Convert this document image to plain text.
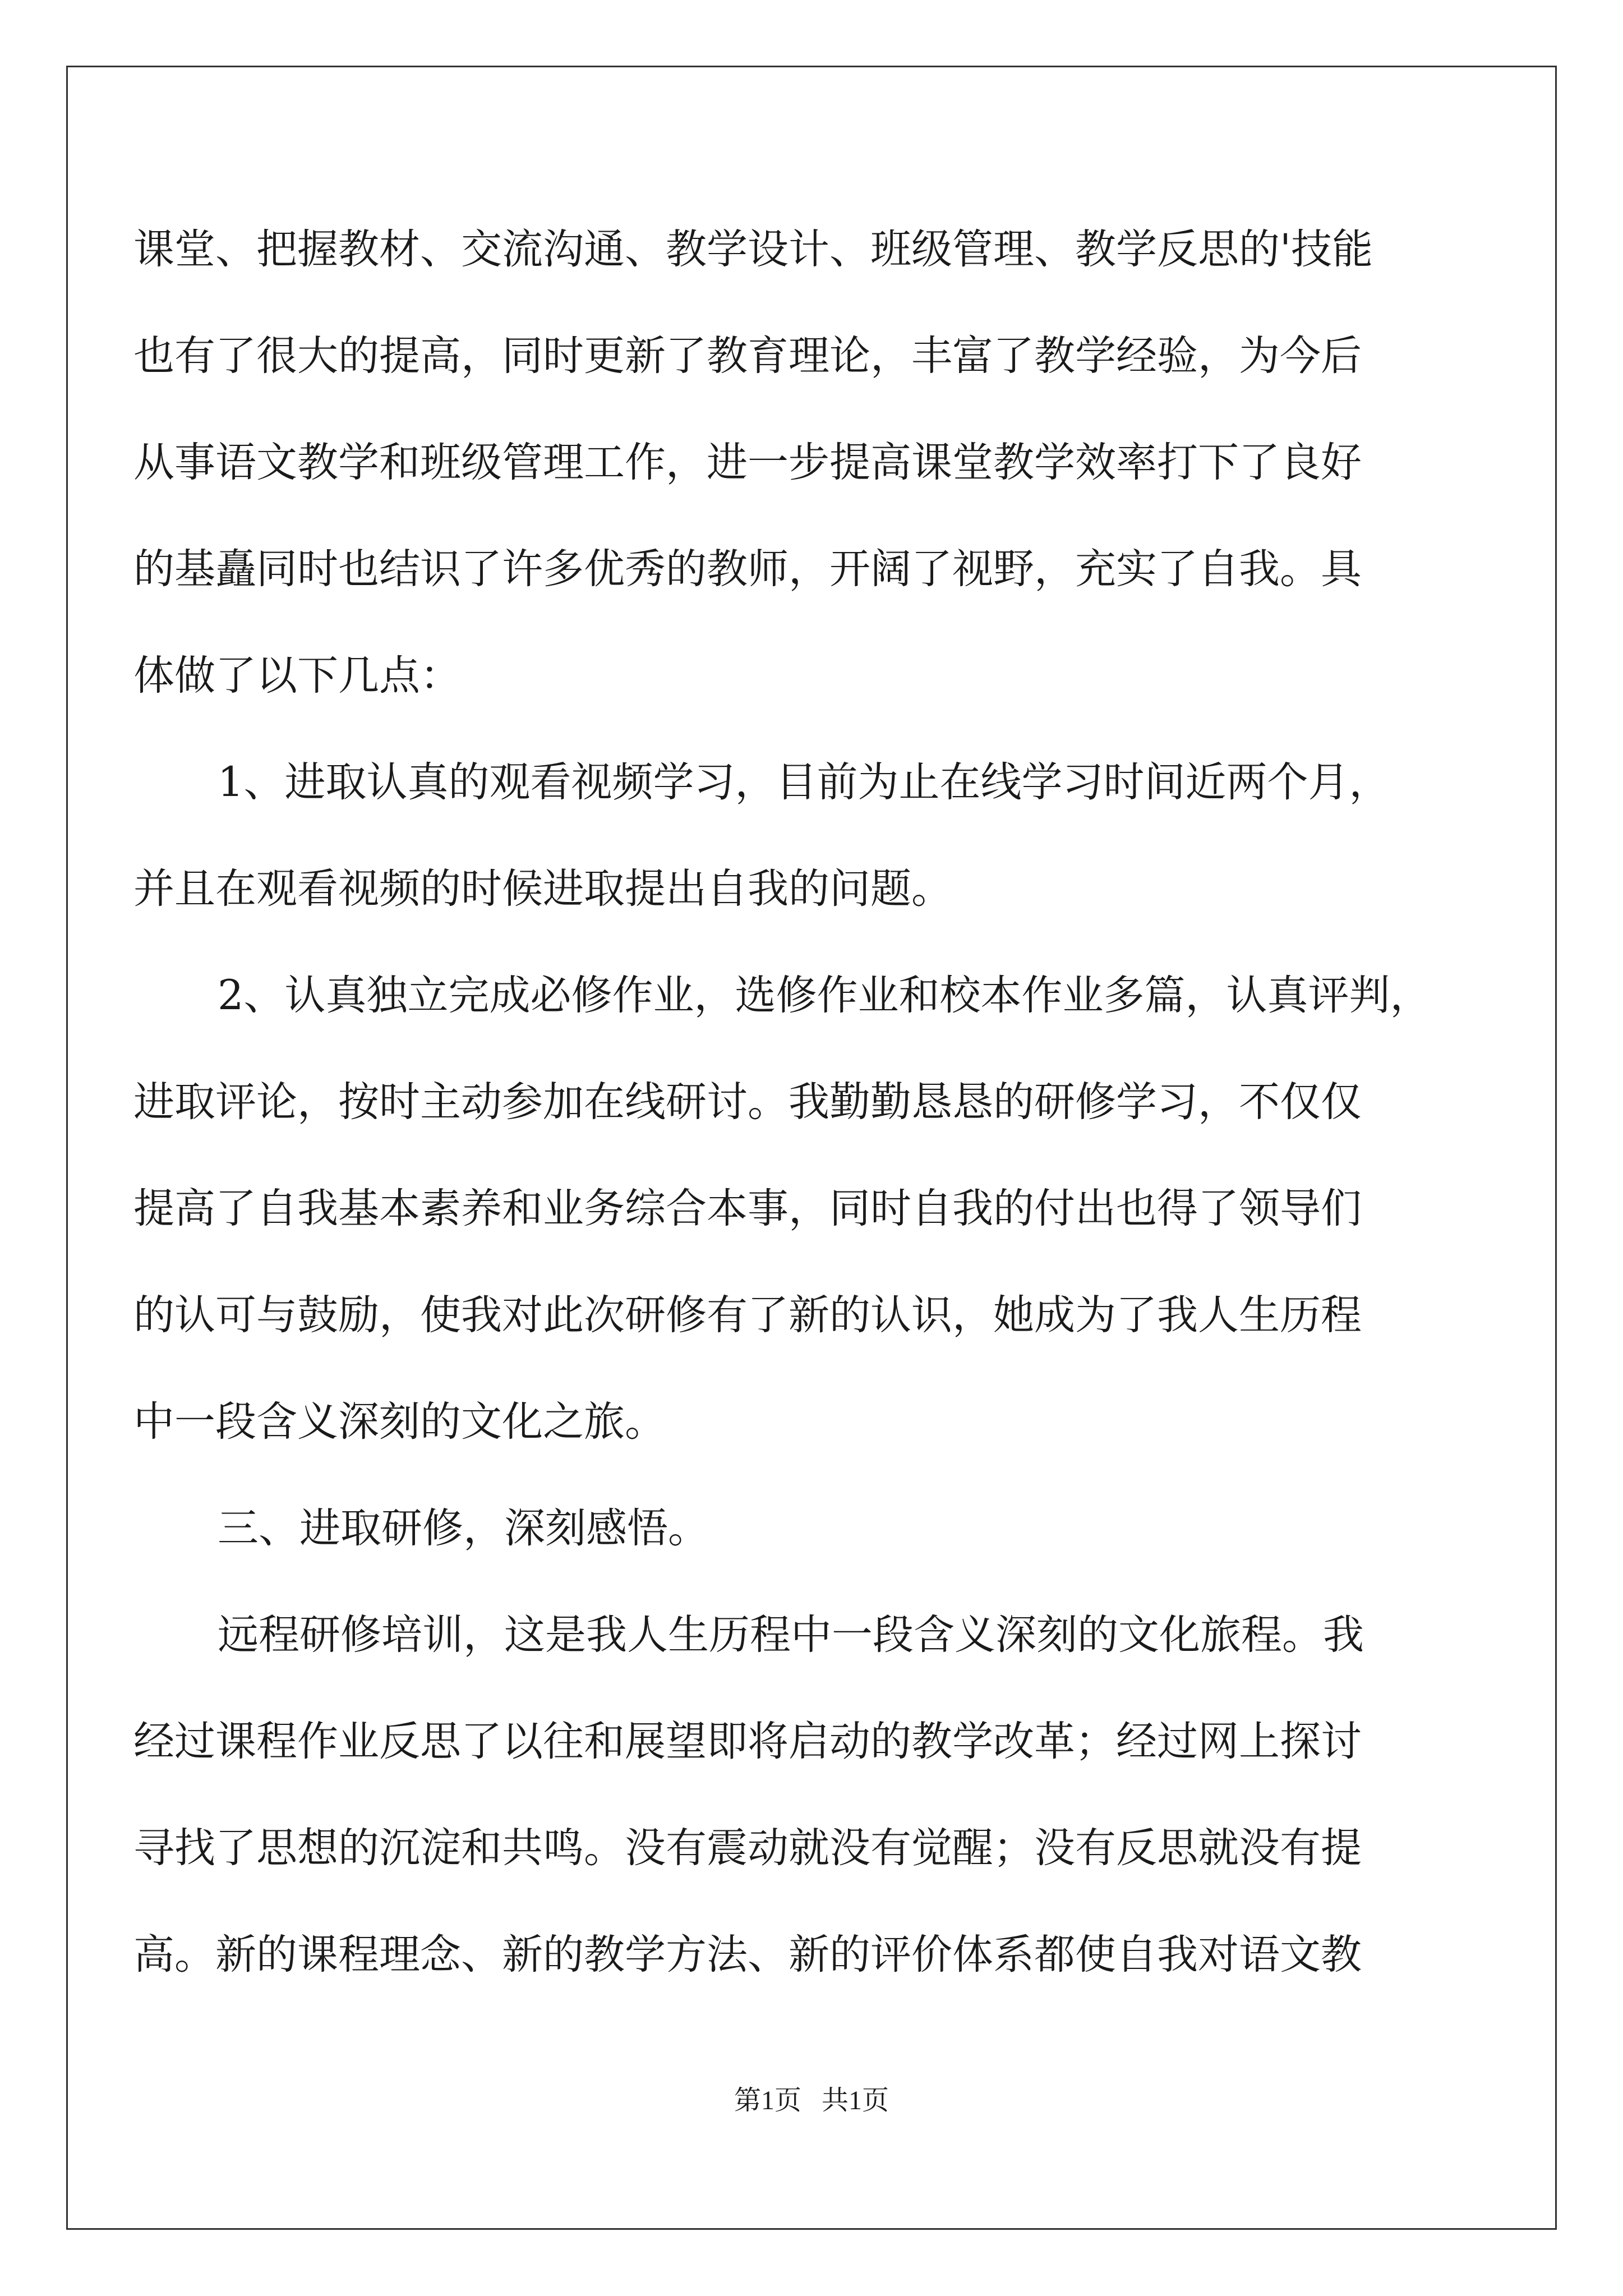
课堂、把握教材、交流沟通、教学设计、班级管理、教学反思的'技能
也有了很大的提高，同时更新了教育理论，丰富了教学经验，为今后
从事语文教学和班级管理工作，进一步提高课堂教学效率打下了良好
的基矗同时也结识了许多优秀的教师，开阔了视野，充实了自我。具
体做了以下几点：
1、进取认真的观看视频学习，目前为止在线学习时间近两个月，
并且在观看视频的时候进取提出自我的问题。
2、认真独立完成必修作业，选修作业和校本作业多篇，认真评判，
进取评论，按时主动参加在线研讨。我勤勤恳恳的研修学习，不仅仅
提高了自我基本素养和业务综合本事，同时自我的付出也得了领导们
的认可与鼓励，使我对此次研修有了新的认识，她成为了我人生历程
中一段含义深刻的文化之旅。
三、进取研修，深刻感悟。
远程研修培训，这是我人生历程中一段含义深刻的文化旅程。我
经过课程作业反思了以往和展望即将启动的教学改革；经过网上探讨
寻找了思想的沉淀和共鸣。没有震动就没有觉醒；没有反思就没有提
高。新的课程理念、新的教学方法、新的评价体系都使自我对语文教
第1页   共1页
